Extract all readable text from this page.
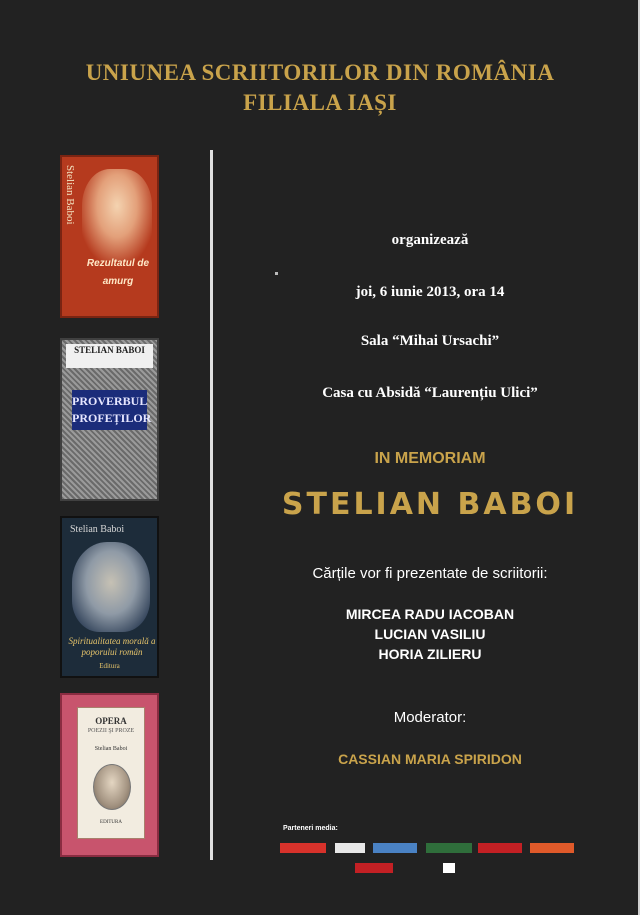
UNIUNEA SCRIITORILOR DIN ROMÂNIA
FILIALA IAȘI
Stelian Baboi
Rezultatul de amurg
STELIAN BABOI
PROVERBUL PROFEȚILOR
Stelian Baboi
Spiritualitatea morală a poporului român
Editura
OPERA
POEZII ŞI PROZE
Stelian Baboi
EDITURA
organizează
joi, 6 iunie 2013, ora 14
Sala “Mihai Ursachi”
Casa cu Absidă “Laurențiu Ulici”
IN MEMORIAM
STELIAN BABOI
Cărțile vor fi prezentate de scriitorii:
MIRCEA RADU IACOBAN
LUCIAN VASILIU
HORIA ZILIERU
Moderator:
CASSIAN MARIA SPIRIDON
Parteneri media:
